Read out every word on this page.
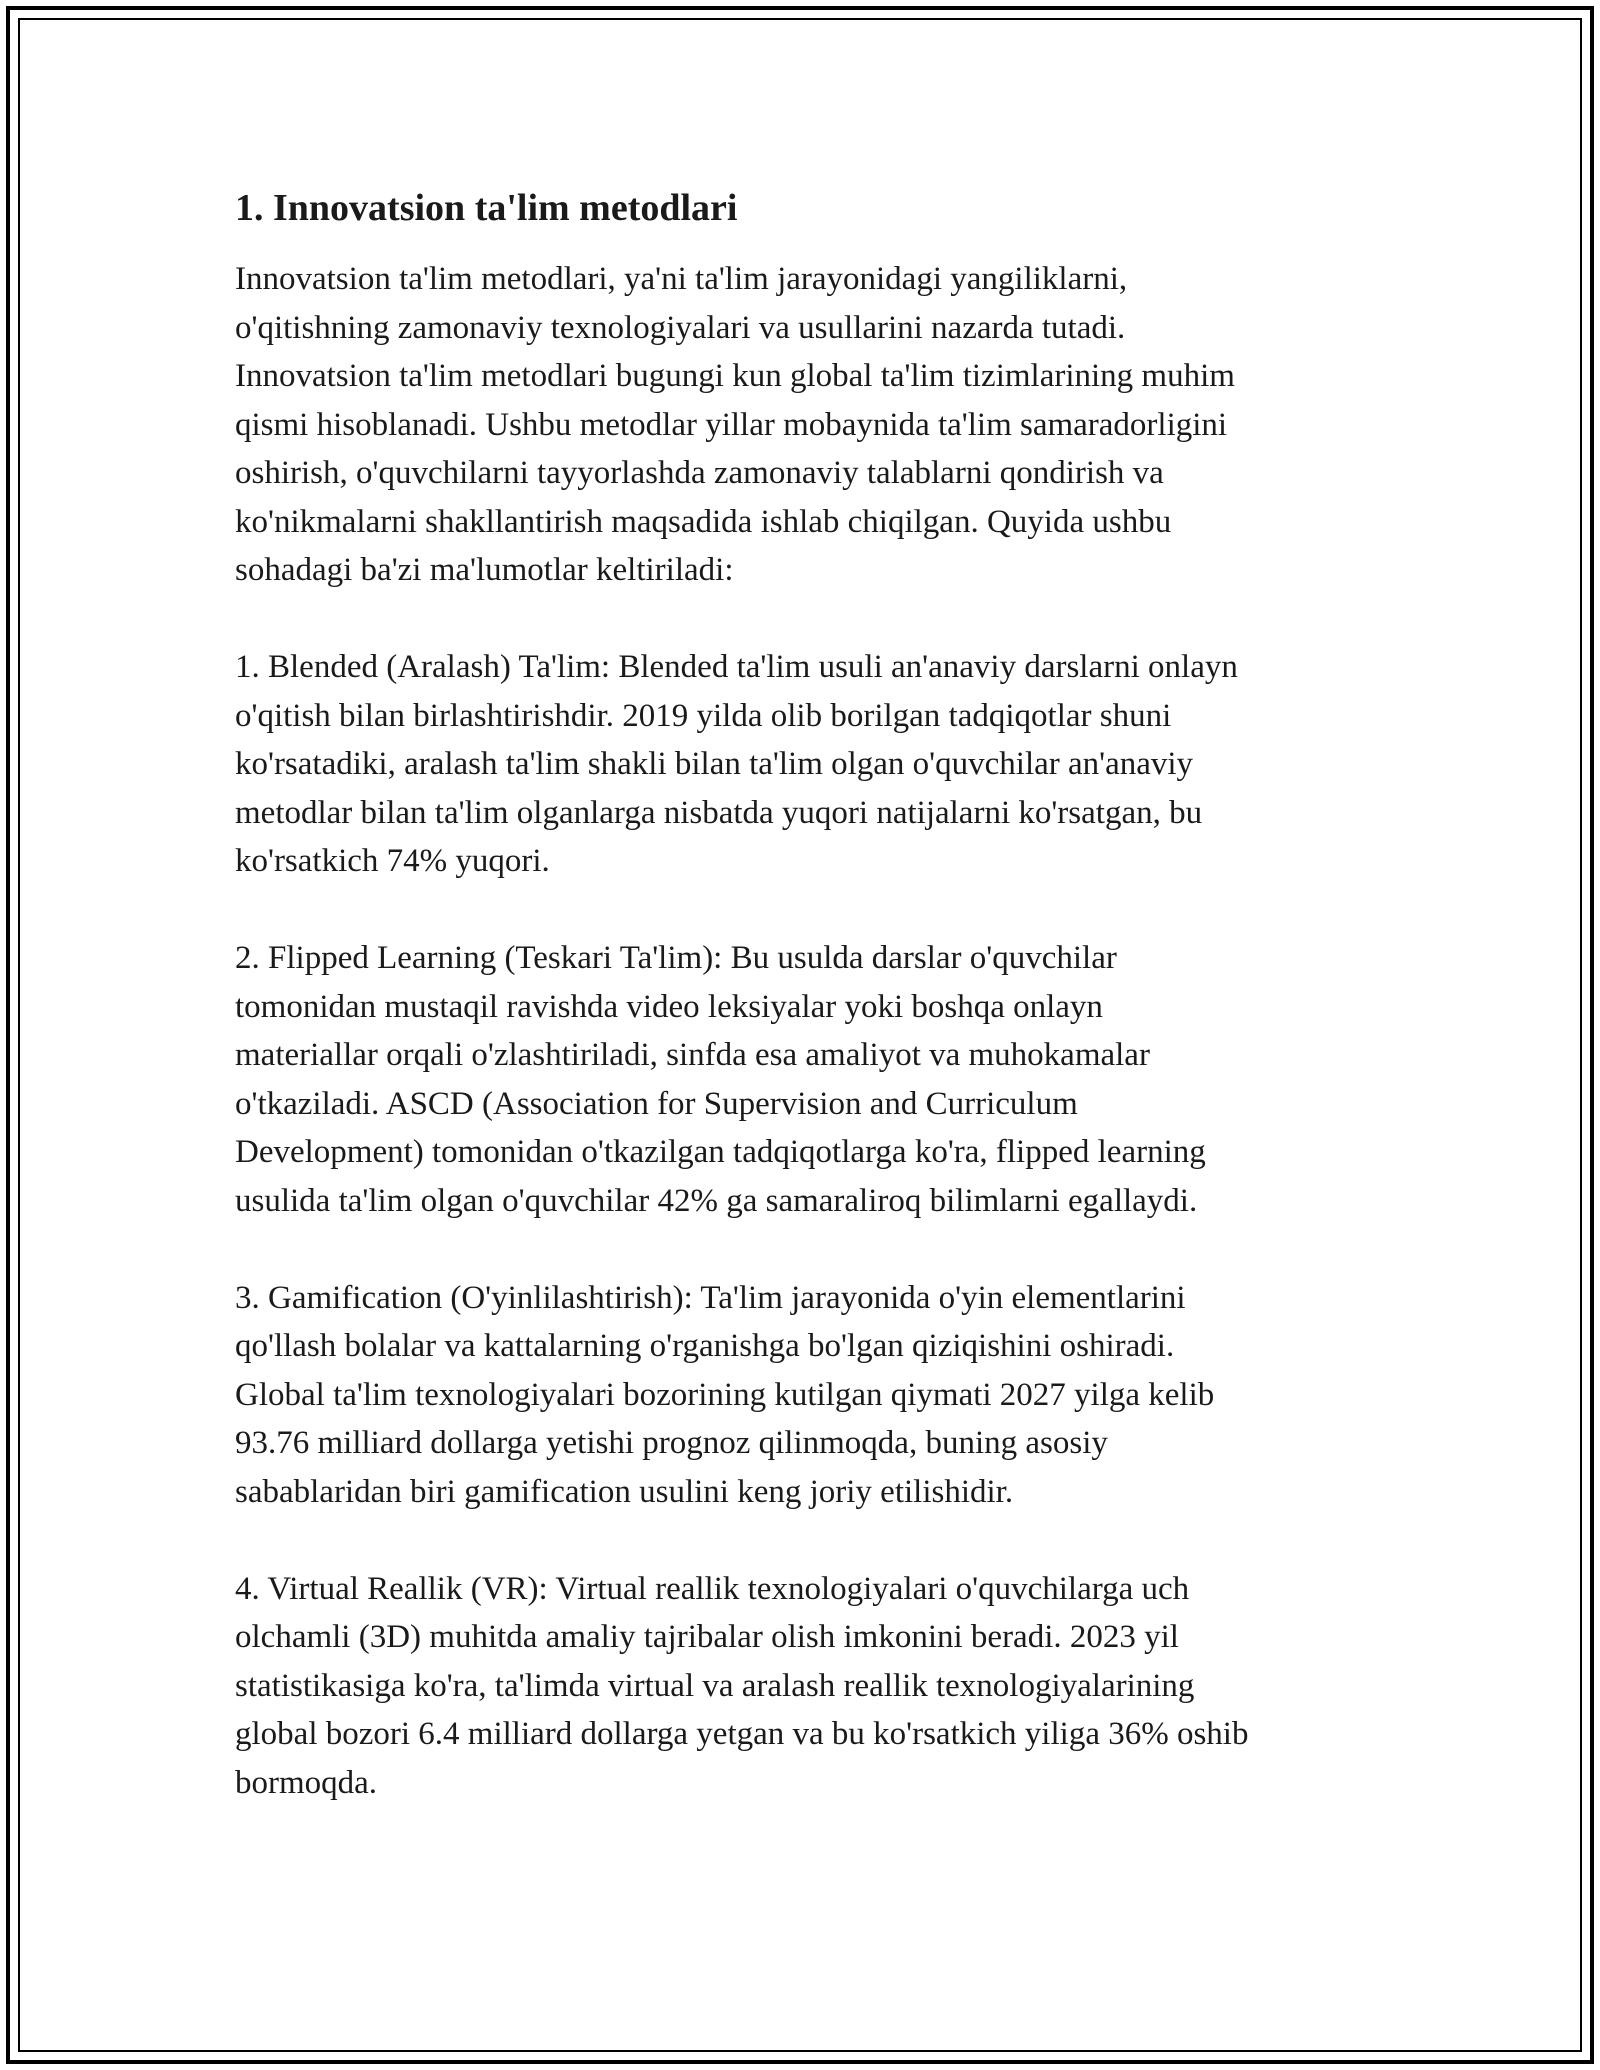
1. Innovatsion ta'lim metodlari

Innovatsion ta'lim metodlari, ya'ni ta'lim jarayonidagi yangiliklarni,
o'qitishning zamonaviy texnologiyalari va usullarini nazarda tutadi.
Innovatsion ta'lim metodlari bugungi kun global ta'lim tizimlarining muhim
qismi hisoblanadi. Ushbu metodlar yillar mobaynida ta'lim samaradorligini
oshirish, o'quvchilarni tayyorlashda zamonaviy talablarni qondirish va
ko'nikmalarni shakllantirish maqsadida ishlab chiqilgan. Quyida ushbu
sohadagi ba'zi ma'lumotlar keltiriladi:

1. Blended (Aralash) Ta'lim: Blended ta'lim usuli an'anaviy darslarni onlayn
o'qitish bilan birlashtirishdir. 2019 yilda olib borilgan tadqiqotlar shuni
ko'rsatadiki, aralash ta'lim shakli bilan ta'lim olgan o'quvchilar an'anaviy
metodlar bilan ta'lim olganlarga nisbatda yuqori natijalarni ko'rsatgan, bu
ko'rsatkich 74% yuqori.

2. Flipped Learning (Teskari Ta'lim): Bu usulda darslar o'quvchilar
tomonidan mustaqil ravishda video leksiyalar yoki boshqa onlayn
materiallar orqali o'zlashtiriladi, sinfda esa amaliyot va muhokamalar
o'tkaziladi. ASCD (Association for Supervision and Curriculum
Development) tomonidan o'tkazilgan tadqiqotlarga ko'ra, flipped learning
usulida ta'lim olgan o'quvchilar 42% ga samaraliroq bilimlarni egallaydi.

3. Gamification (O'yinlilashtirish): Ta'lim jarayonida o'yin elementlarini
qo'llash bolalar va kattalarning o'rganishga bo'lgan qiziqishini oshiradi.
Global ta'lim texnologiyalari bozorining kutilgan qiymati 2027 yilga kelib
93.76 milliard dollarga yetishi prognoz qilinmoqda, buning asosiy
sabablaridan biri gamification usulini keng joriy etilishidir.

4. Virtual Reallik (VR): Virtual reallik texnologiyalari o'quvchilarga uch
olchamli (3D) muhitda amaliy tajribalar olish imkonini beradi. 2023 yil
statistikasiga ko'ra, ta'limda virtual va aralash reallik texnologiyalarining
global bozori 6.4 milliard dollarga yetgan va bu ko'rsatkich yiliga 36% oshib
bormoqda.
